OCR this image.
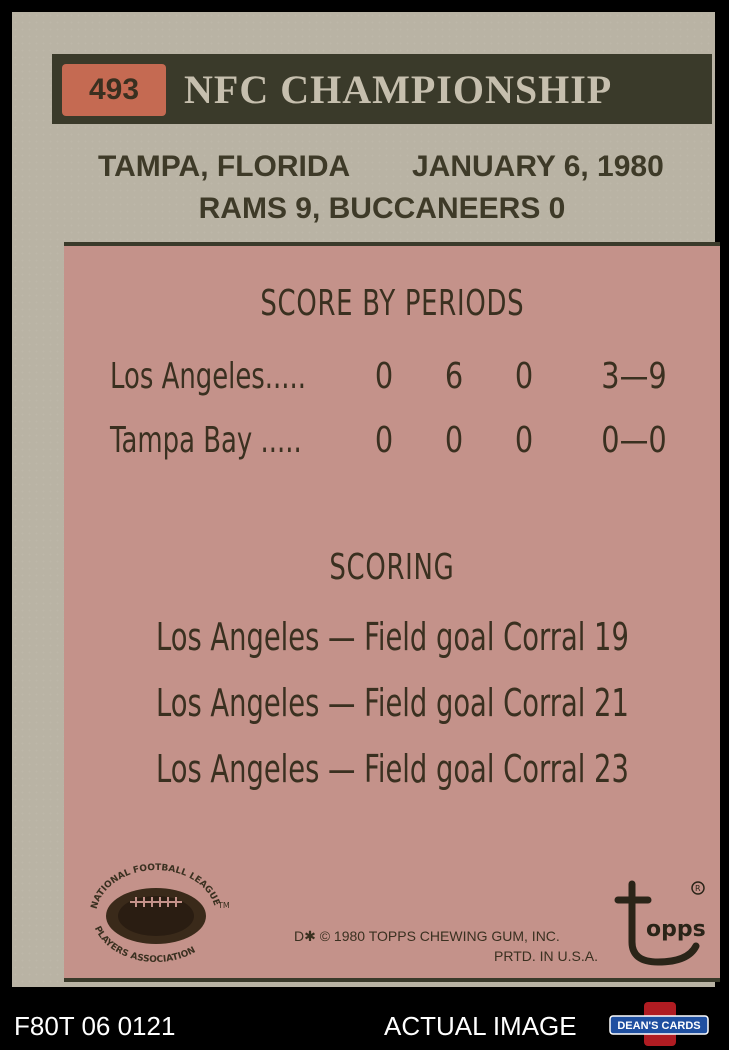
493	NFC CHAMPIONSHIP
TAMPA, FLORIDA JANUARY 6, 1980
RAMS 9, BUCCANEERS 0
SCORE BY PERIODS
Los Angeles..... 0 6 0 3—9
Tampa Bay ..... 0 0 0 0—0
SCORING
Los Angeles — Field goal Corral 19
Los Angeles — Field goal Corral 21
Los Angeles — Field goal Corral 23
NATIONAL FOOTBALL LEAGUE
PLAYERS ASSOCIATION
TM
D✱ © 1980 TOPPS CHEWING GUM, INC.
PRTD. IN U.S.A.
opps
R
F80T 06 0121	ACTUAL IMAGE	DEAN'S CARDS
